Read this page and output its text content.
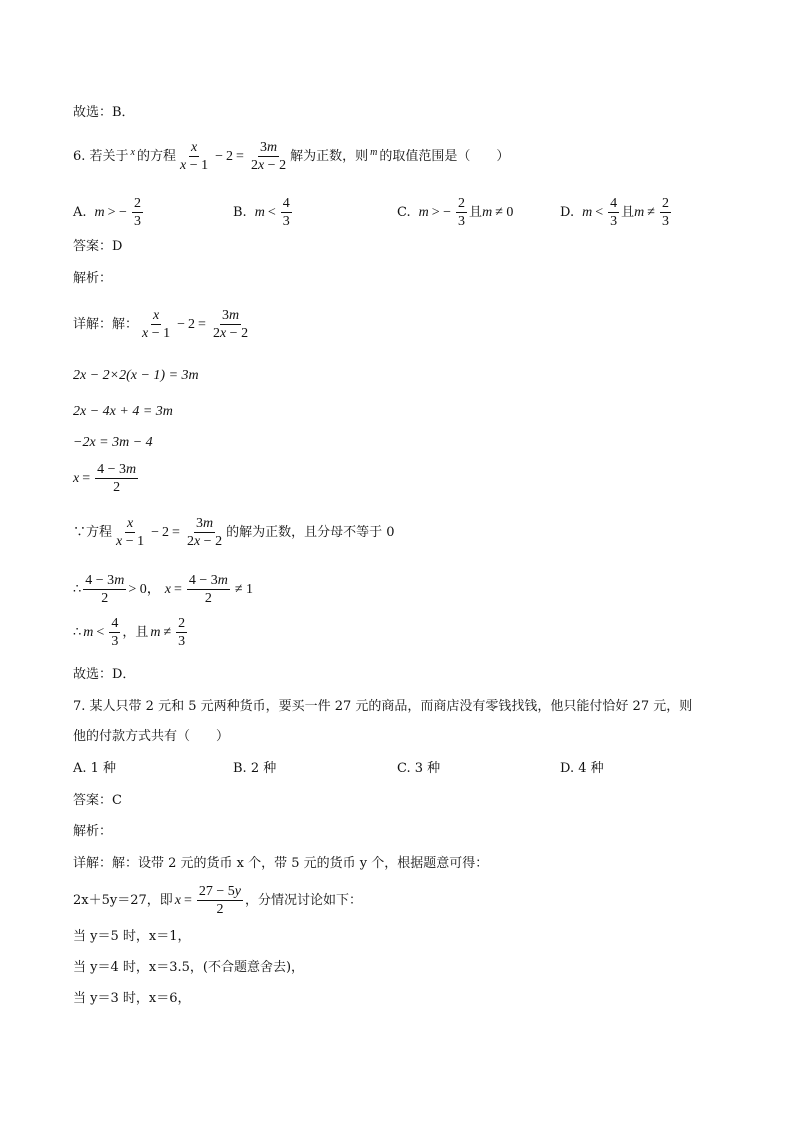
故选：B．
6. 若关于 x 的方程 $\frac{x}{x - 1} - 2 = \frac{3m}{2x - 2}$ 解为正数，则 m 的取值范围是（　　）
A. m > − $\frac{2}{3}$	B. $m < \frac{4}{3}$	C. m > − $\frac{2}{3}$ 且 m ≠ 0	D. $m < \frac{4}{3}$ 且 $m \ne \frac{2}{3}$
答案：D
解析：
详解：解： $\frac{x}{x - 1} - 2 = \frac{3m}{2x - 2}$
2x − 2×2(x − 1) = 3m
2x − 4x + 4 = 3m
−2x = 3m − 4
$x = \frac{4 - 3m}{2}$
∵方程 $\frac{x}{x - 1} - 2 = \frac{3m}{2x - 2}$ 的解为正数，且分母不等于 0
∴ $\frac{4 - 3m}{2} > 0$， $x = \frac{4 - 3m}{2} \ne 1$
∴ $m < \frac{4}{3}$ ，且 $m \ne \frac{2}{3}$
故选：D．
7. 某人只带 2 元和 5 元两种货币，要买一件 27 元的商品，而商店没有零钱找钱，他只能付恰好 27 元，则
他的付款方式共有（　　）
A. 1 种	B. 2 种	C. 3 种	D. 4 种
答案：C
解析：
详解：解：设带 2 元的货币 x 个，带 5 元的货币 y 个，根据题意可得：
2x＋5y＝27，即 $x = \frac{27 - 5y}{2}$ ，分情况讨论如下：
当 y＝5 时，x＝1，
当 y＝4 时，x＝3.5，(不合题意舍去)，
当 y＝3 时，x＝6，
